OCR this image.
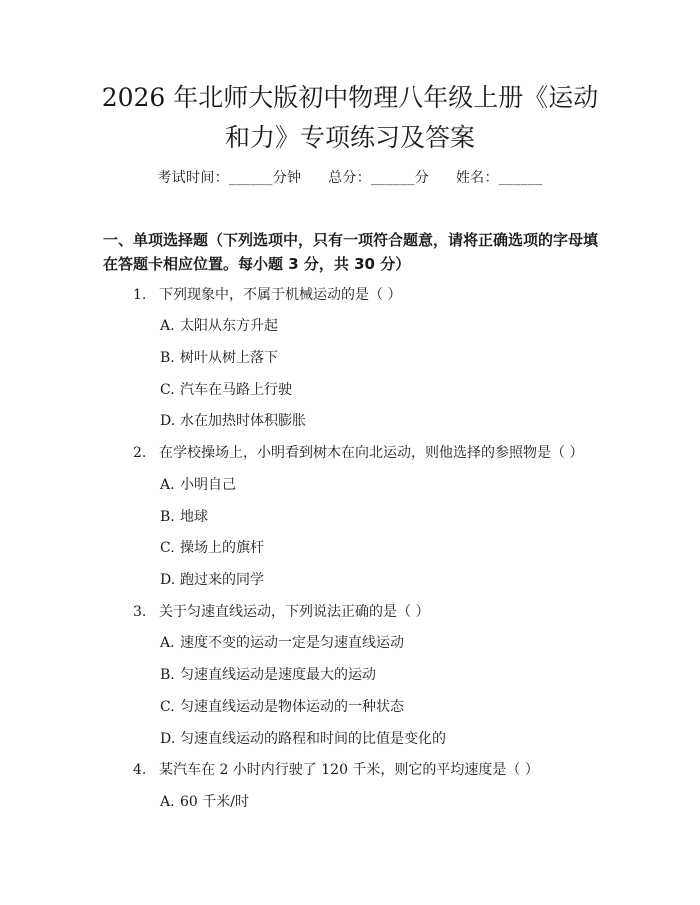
2026 年北师大版初中物理八年级上册《运动
和力》专项练习及答案
考试时间：______分钟 总分：______分 姓名：______
一、单项选择题（下列选项中，只有一项符合题意，请将正确选项的字母填在答题卡相应位置。每小题 3 分，共 30 分）
1. 下列现象中，不属于机械运动的是（ ）
A. 太阳从东方升起
B. 树叶从树上落下
C. 汽车在马路上行驶
D. 水在加热时体积膨胀
2. 在学校操场上，小明看到树木在向北运动，则他选择的参照物是（ ）
A. 小明自己
B. 地球
C. 操场上的旗杆
D. 跑过来的同学
3. 关于匀速直线运动，下列说法正确的是（ ）
A. 速度不变的运动一定是匀速直线运动
B. 匀速直线运动是速度最大的运动
C. 匀速直线运动是物体运动的一种状态
D. 匀速直线运动的路程和时间的比值是变化的
4. 某汽车在 2 小时内行驶了 120 千米，则它的平均速度是（ ）
A. 60 千米/时
